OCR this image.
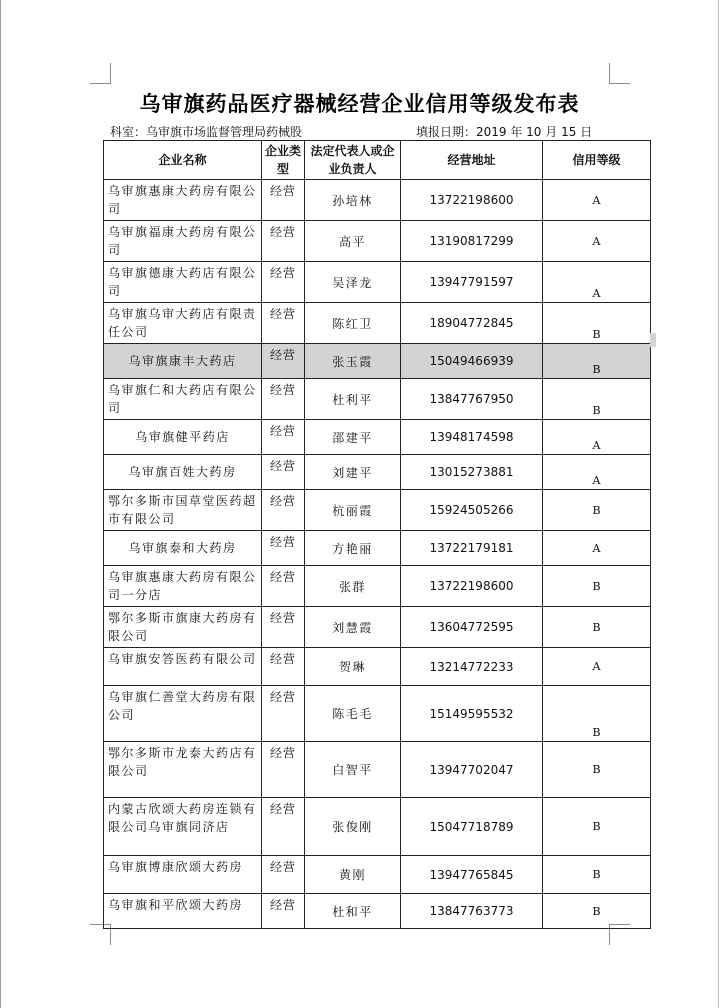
乌审旗药品医疗器械经营企业信用等级发布表
科室：乌审旗市场监督管理局药械股	填报日期：2019 年 10 月 15 日
企业名称	企业类型	法定代表人或企业负责人	经营地址	信用等级
乌审旗惠康大药房有限公司	经营	孙培林	13722198600	A
乌审旗福康大药房有限公司	经营	高平	13190817299	A
乌审旗德康大药店有限公司	经营	吴泽龙	13947791597	A
乌审旗乌审大药店有限责任公司	经营	陈红卫	18904772845	B
乌审旗康丰大药店	经营	张玉霞	15049466939	B
乌审旗仁和大药店有限公司	经营	杜利平	13847767950	B
乌审旗健平药店	经营	邵建平	13948174598	A
乌审旗百姓大药房	经营	刘建平	13015273881	A
鄂尔多斯市国草堂医药超市有限公司	经营	杭丽霞	15924505266	B
乌审旗泰和大药房	经营	方艳丽	13722179181	A
乌审旗惠康大药房有限公司一分店	经营	张群	13722198600	B
鄂尔多斯市旗康大药房有限公司	经营	刘慧霞	13604772595	B
乌审旗安答医药有限公司	经营	贺琳	13214772233	A
乌审旗仁善堂大药房有限公司	经营	陈毛毛	15149595532	B
鄂尔多斯市龙泰大药店有限公司	经营	白智平	13947702047	B
内蒙古欣颂大药房连锁有限公司乌审旗同济店	经营	张俊刚	15047718789	B
乌审旗博康欣颂大药房	经营	黄刚	13947765845	B
乌审旗和平欣颂大药房	经营	杜和平	13847763773	B
